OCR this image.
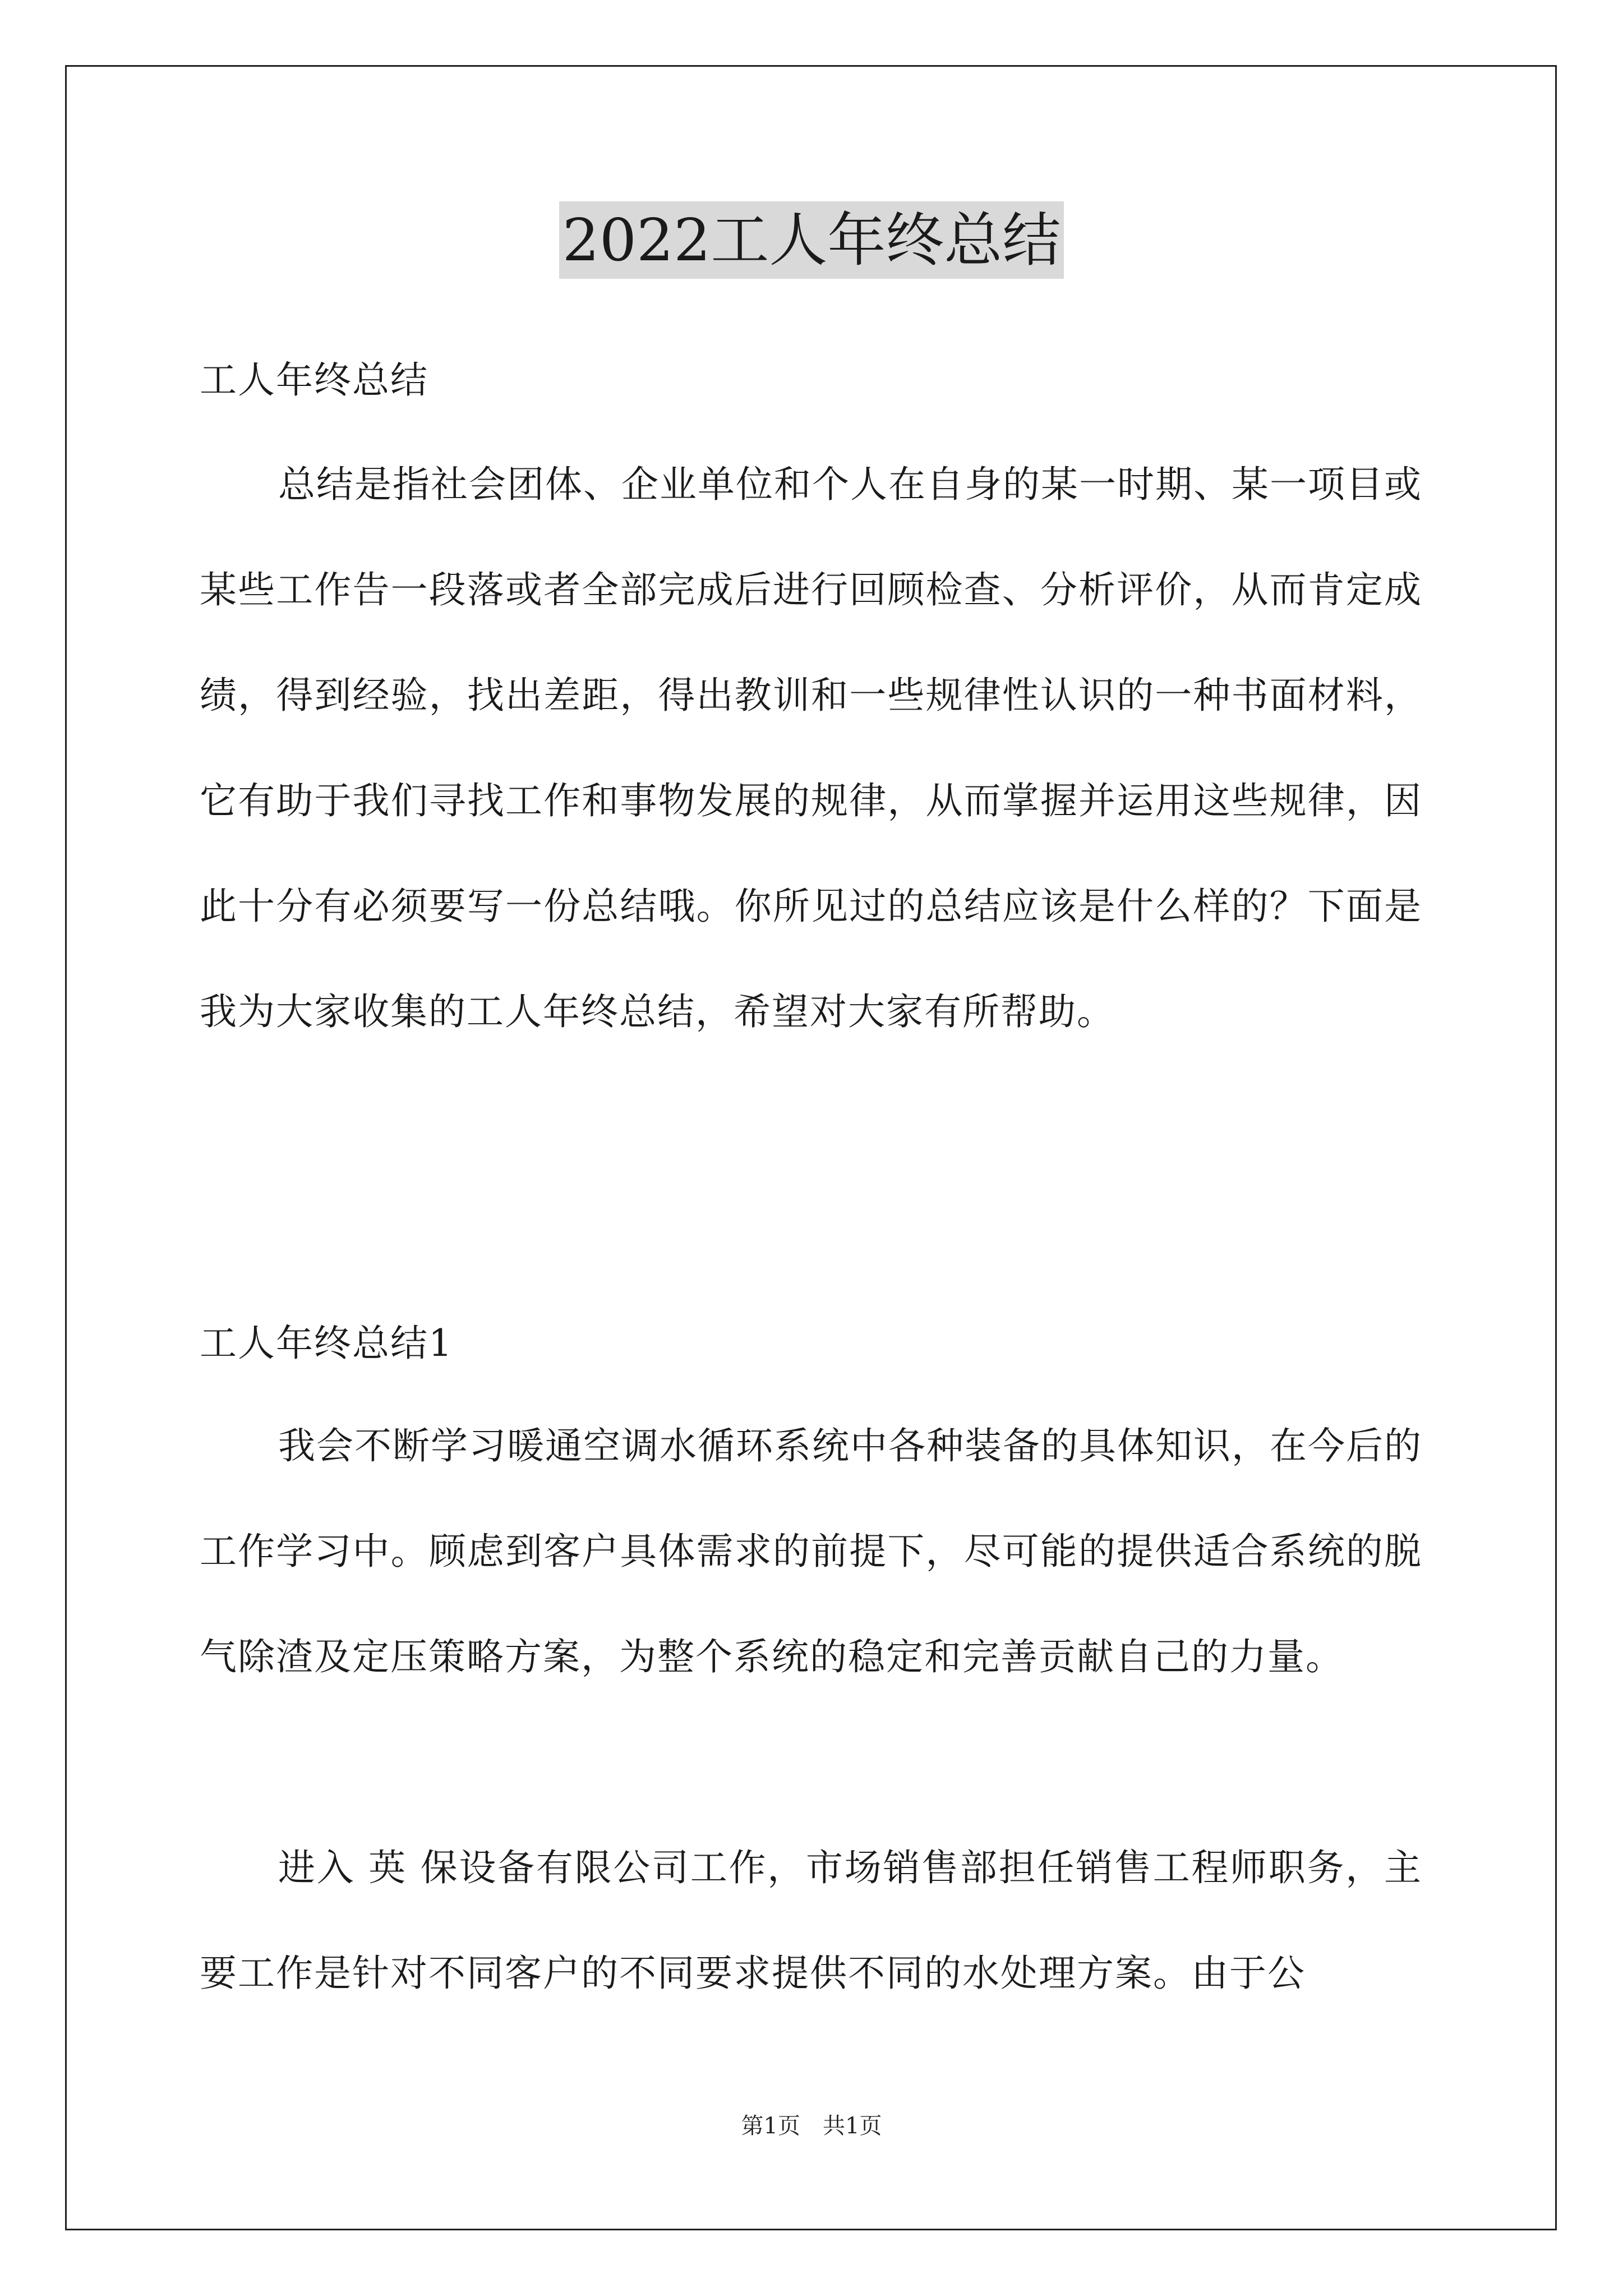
2022工人年终总结

工人年终总结

总结是指社会团体、企业单位和个人在自身的某一时期、某一项目或某些工作告一段落或者全部完成后进行回顾检查、分析评价，从而肯定成绩，得到经验，找出差距，得出教训和一些规律性认识的一种书面材料，它有助于我们寻找工作和事物发展的规律，从而掌握并运用这些规律，因此十分有必须要写一份总结哦。你所见过的总结应该是什么样的？下面是我为大家收集的工人年终总结，希望对大家有所帮助。

工人年终总结1

我会不断学习暖通空调水循环系统中各种装备的具体知识，在今后的工作学习中。顾虑到客户具体需求的前提下，尽可能的提供适合系统的脱气除渣及定压策略方案，为整个系统的稳定和完善贡献自己的力量。

进入 英 保设备有限公司工作，市场销售部担任销售工程师职务，主要工作是针对不同客户的不同要求提供不同的水处理方案。由于公

第1页　共1页
